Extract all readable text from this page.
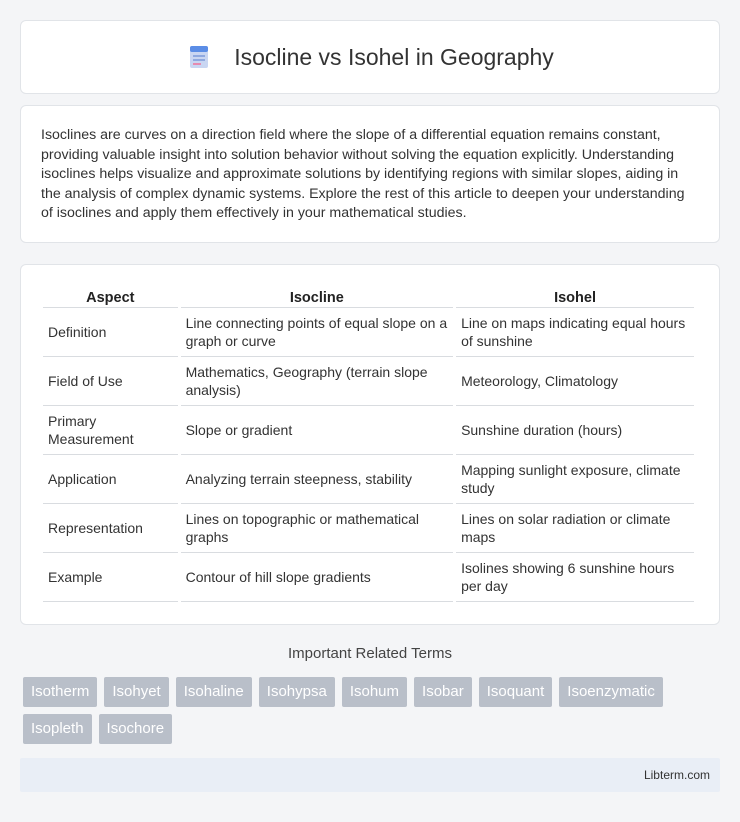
Isocline vs Isohel in Geography

Isoclines are curves on a direction field where the slope of a differential equation remains constant, providing valuable insight into solution behavior without solving the equation explicitly. Understanding isoclines helps visualize and approximate solutions by identifying regions with similar slopes, aiding in the analysis of complex dynamic systems. Explore the rest of this article to deepen your understanding of isoclines and apply them effectively in your mathematical studies.

Aspect	Isocline	Isohel
Definition	Line connecting points of equal slope on a graph or curve	Line on maps indicating equal hours of sunshine
Field of Use	Mathematics, Geography (terrain slope analysis)	Meteorology, Climatology
Primary Measurement	Slope or gradient	Sunshine duration (hours)
Application	Analyzing terrain steepness, stability	Mapping sunlight exposure, climate study
Representation	Lines on topographic or mathematical graphs	Lines on solar radiation or climate maps
Example	Contour of hill slope gradients	Isolines showing 6 sunshine hours per day
Important Related Terms
Isotherm	Isohyet	Isohaline	Isohypsa	Isohum	Isobar	Isoquant	Isoenzymatic
Isopleth	Isochore
Libterm.com
